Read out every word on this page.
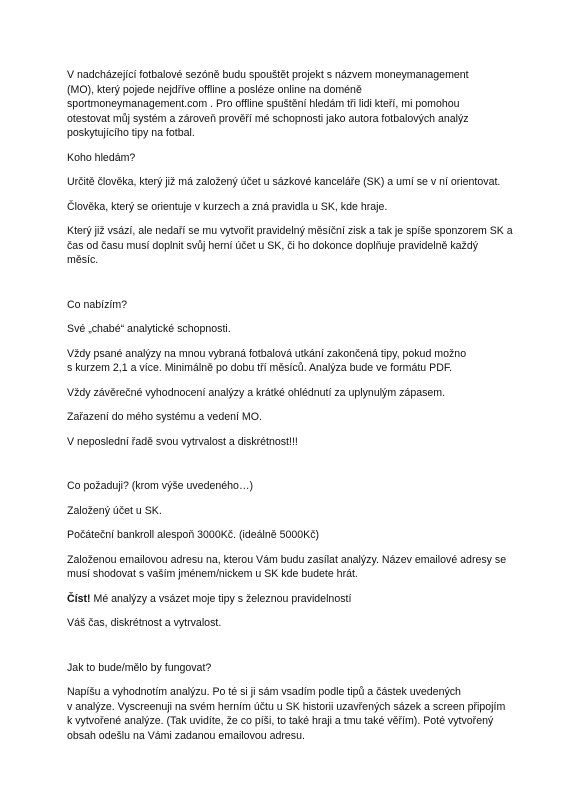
V nadcházející fotbalové sezóně budu spouštět projekt s názvem moneymanagement
(MO), který pojede nejdříve offline a posléze online na doméně
sportmoneymanagement.com . Pro offline spuštění hledám tři lidi kteří, mi pomohou
otestovat můj systém a zároveň prověří mé schopnosti jako autora fotbalových analýz
poskytujícího tipy na fotbal.

Koho hledám?

Určitě člověka, který již má založený účet u sázkové kanceláře (SK) a umí se v ní orientovat.

Člověka, který se orientuje v kurzech a zná pravidla u SK, kde hraje.

Který již vsází, ale nedaří se mu vytvořit pravidelný měsíční zisk a tak je spíše sponzorem SK a
čas od času musí doplnit svůj herní účet u SK, či ho dokonce doplňuje pravidelně každý
měsíc.

Co nabízím?

Své „chabé“ analytické schopnosti.

Vždy psané analýzy na mnou vybraná fotbalová utkání zakončená tipy, pokud možno
s kurzem 2,1 a více. Minimálně po dobu tří měsíců. Analýza bude ve formátu PDF.

Vždy závěrečné vyhodnocení analýzy a krátké ohlédnutí za uplynulým zápasem.

Zařazení do mého systému a vedení MO.

V neposlední řadě svou vytrvalost a diskrétnost!!!

Co požaduji? (krom výše uvedeného…)

Založený účet u SK.

Počáteční bankroll alespoň 3000Kč. (ideálně 5000Kč)

Založenou emailovou adresu na, kterou Vám budu zasílat analýzy. Název emailové adresy se
musí shodovat s vaším jménem/nickem u SK kde budete hrát.

Číst! Mé analýzy a vsázet moje tipy s železnou pravidelností

Váš čas, diskrétnost a vytrvalost.

Jak to bude/mělo by fungovat?

Napíšu a vyhodnotím analýzu. Po té si ji sám vsadím podle tipů a částek uvedených
v analýze. Vyscreenuji na svém herním účtu u SK historii uzavřených sázek a screen připojím
k vytvořené analýze. (Tak uvidíte, že co píši, to také hraji a tmu také věřím). Poté vytvořený
obsah odešlu na Vámi zadanou emailovou adresu.
